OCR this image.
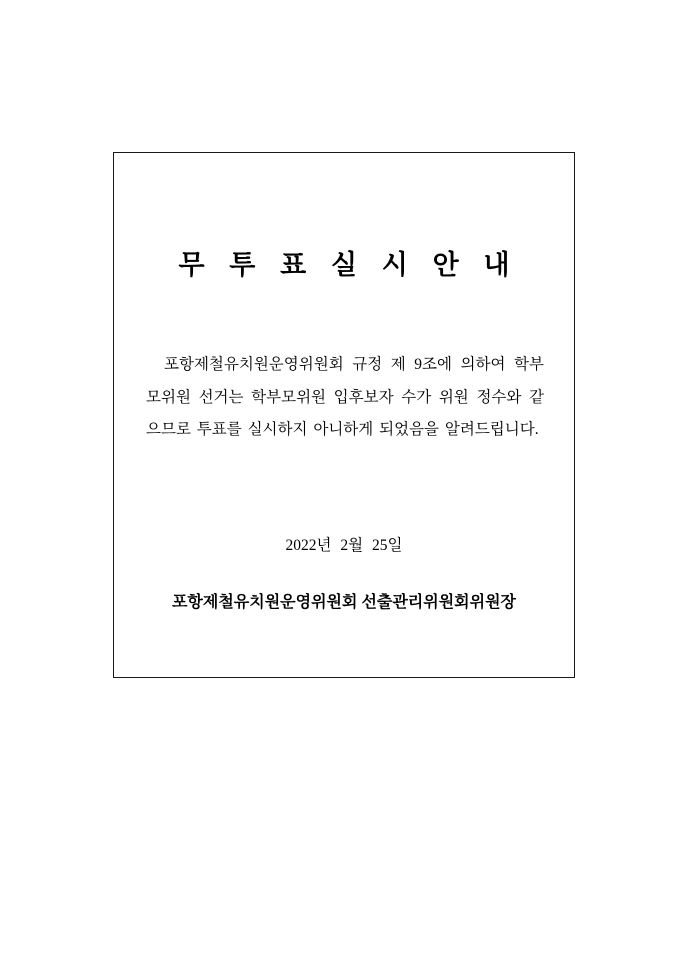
무 투 표 실 시 안 내
포항제철유치원운영위원회 규정 제 9조에 의하여 학부모위원 선거는 학부모위원 입후보자 수가 위원 정수와 같으므로 투표를 실시하지 아니하게 되었음을 알려드립니다.
2022년 2월 25일
포항제철유치원운영위원회 선출관리위원회위원장
